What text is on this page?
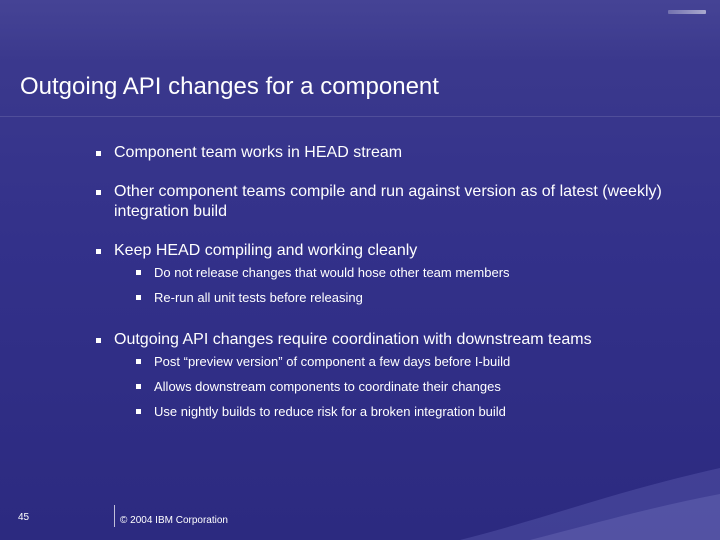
Outgoing API changes for a component
Component team works in HEAD stream
Other component teams compile and run against version as of latest (weekly) integration build
Keep HEAD compiling and working cleanly
Do not release changes that would hose other team members
Re-run all unit tests before releasing
Outgoing API changes require coordination with downstream teams
Post “preview version” of component a few days before I-build
Allows downstream components to coordinate their changes
Use nightly builds to reduce risk for a broken integration build
45	© 2004 IBM Corporation
